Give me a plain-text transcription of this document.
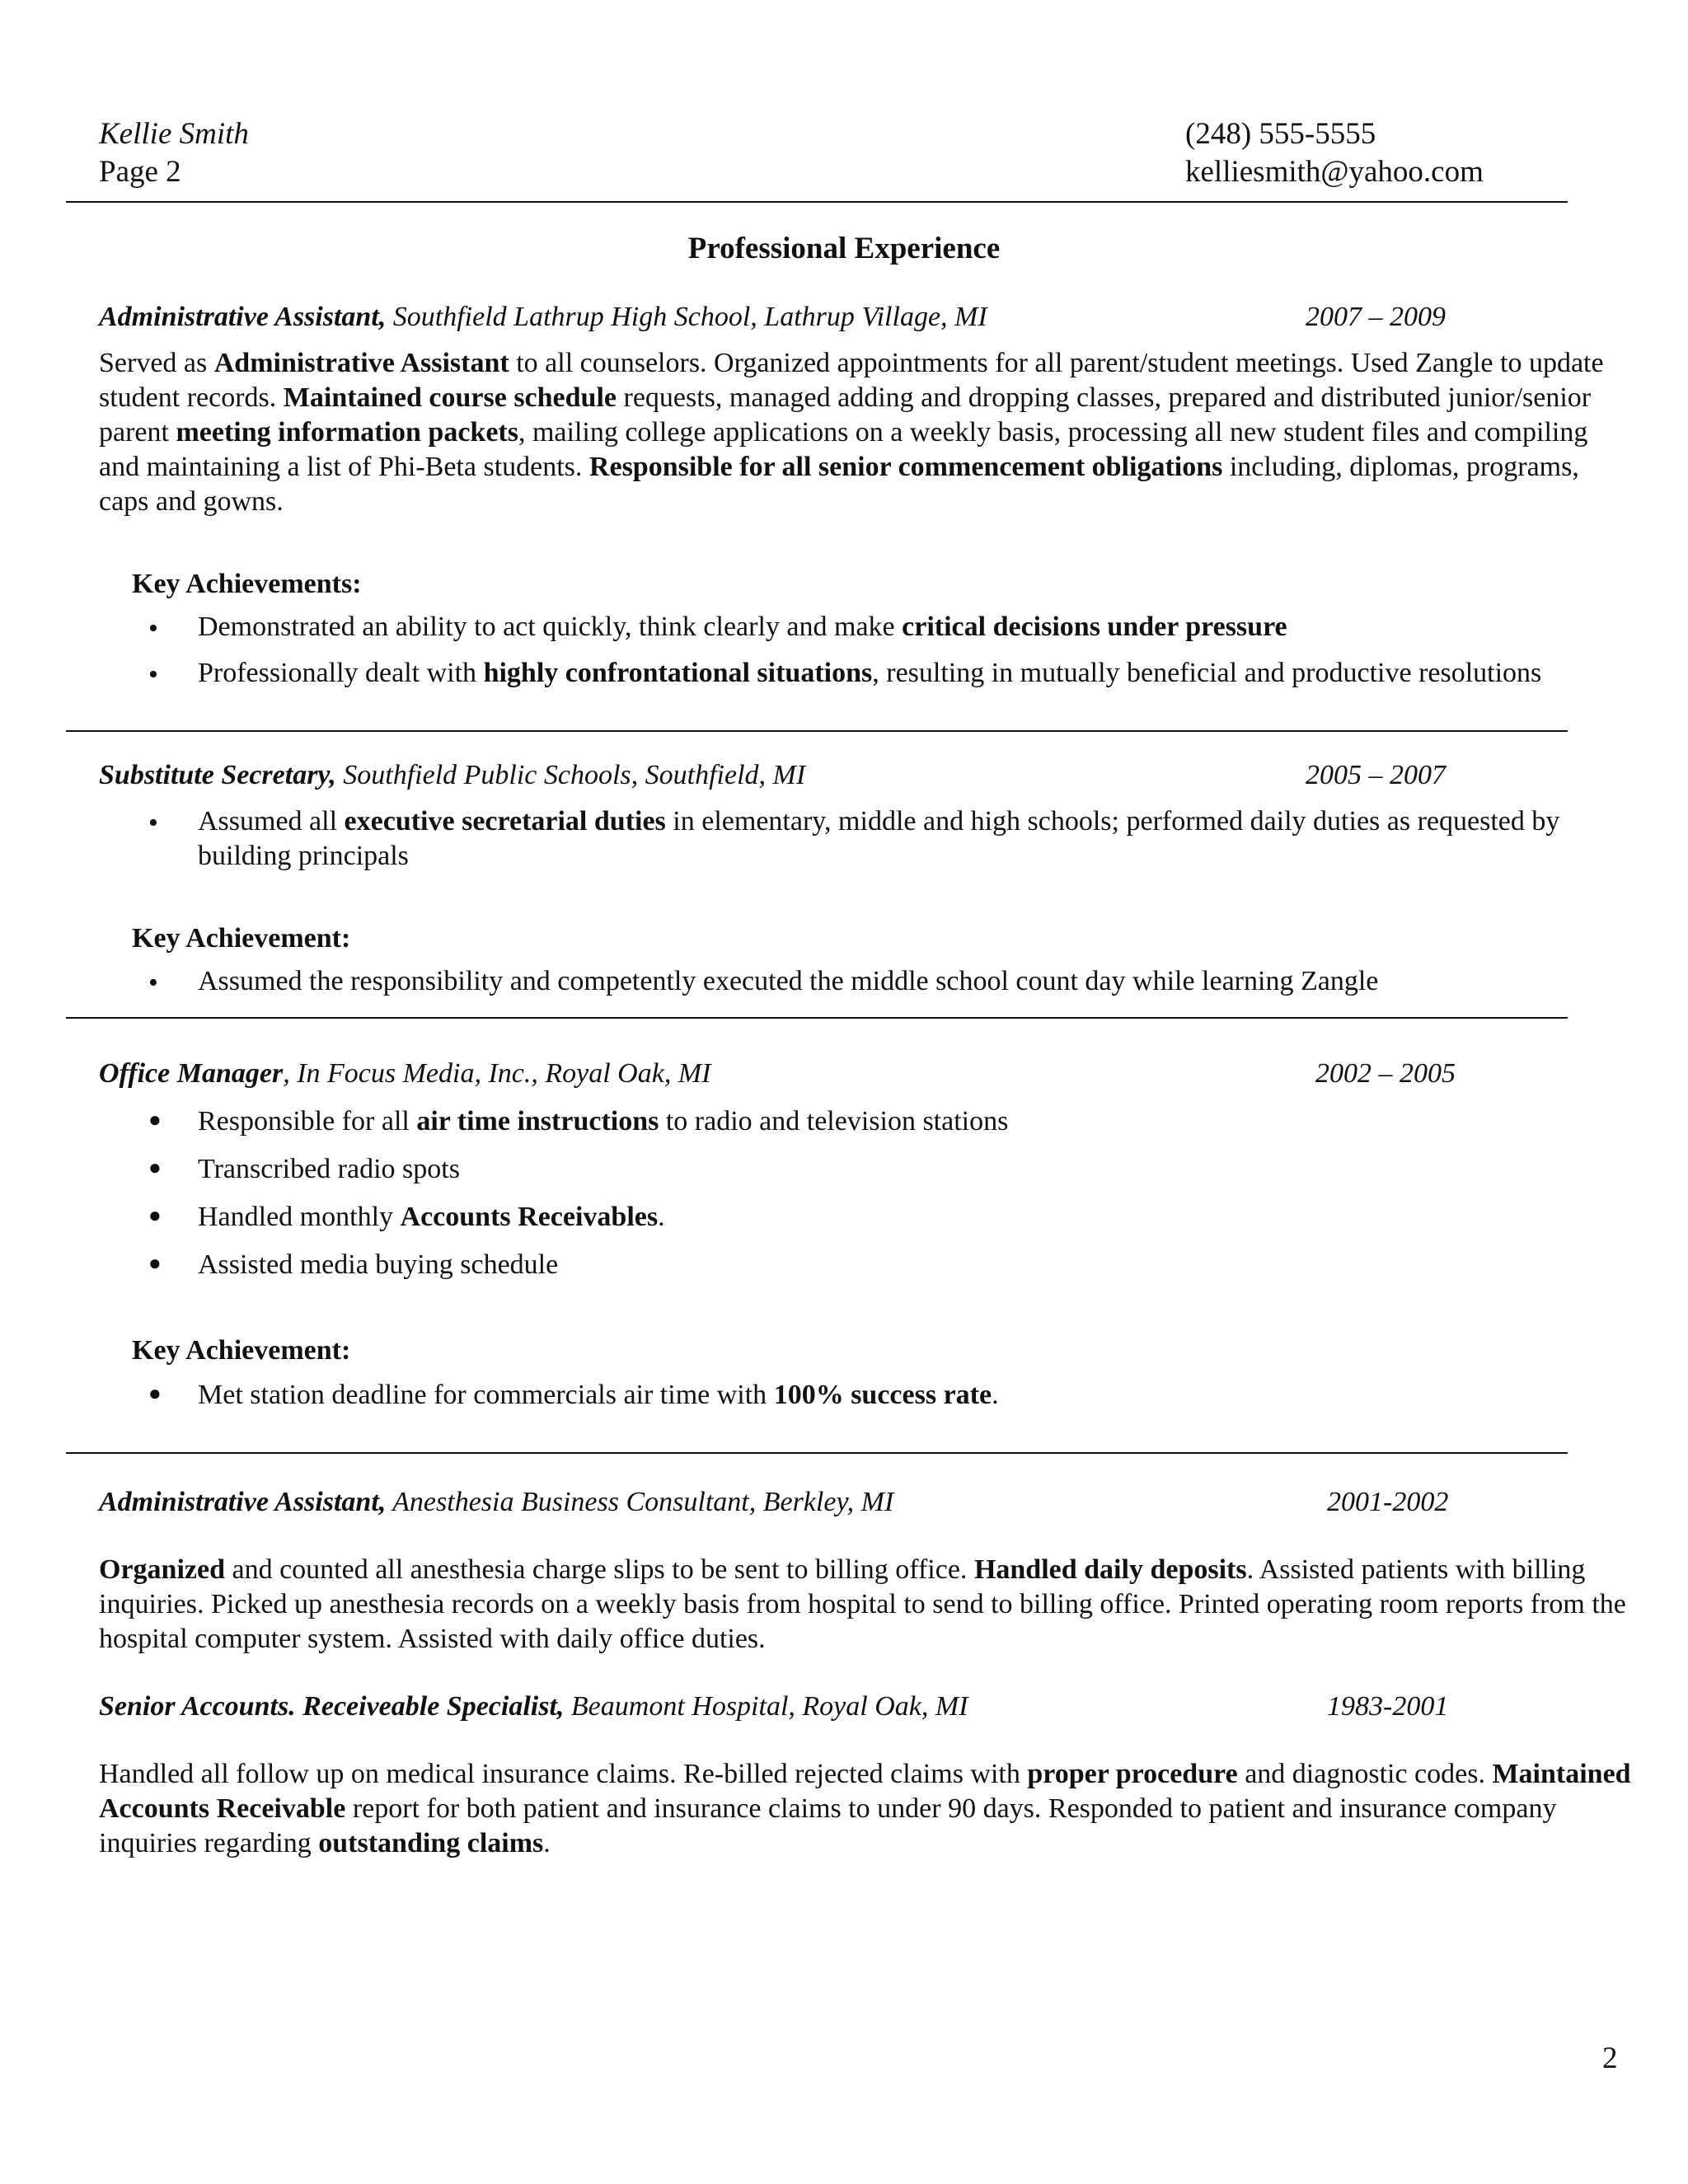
Kellie Smith
Page 2
(248) 555-5555
kelliesmith@yahoo.com
Professional Experience
Administrative Assistant, Southfield Lathrup High School, Lathrup Village, MI	2007 – 2009
Served as Administrative Assistant to all counselors. Organized appointments for all parent/student meetings. Used Zangle to update student records. Maintained course schedule requests, managed adding and dropping classes, prepared and distributed junior/senior parent meeting information packets, mailing college applications on a weekly basis, processing all new student files and compiling and maintaining a list of Phi-Beta students. Responsible for all senior commencement obligations including, diplomas, programs, caps and gowns.
Key Achievements:
• Demonstrated an ability to act quickly, think clearly and make critical decisions under pressure
• Professionally dealt with highly confrontational situations, resulting in mutually beneficial and productive resolutions
Substitute Secretary, Southfield Public Schools, Southfield, MI	2005 – 2007
• Assumed all executive secretarial duties in elementary, middle and high schools; performed daily duties as requested by building principals
Key Achievement:
• Assumed the responsibility and competently executed the middle school count day while learning Zangle
Office Manager, In Focus Media, Inc., Royal Oak, MI	2002 – 2005
● Responsible for all air time instructions to radio and television stations
● Transcribed radio spots
● Handled monthly Accounts Receivables.
● Assisted media buying schedule
Key Achievement:
● Met station deadline for commercials air time with 100% success rate.
Administrative Assistant, Anesthesia Business Consultant, Berkley, MI	2001-2002
Organized and counted all anesthesia charge slips to be sent to billing office. Handled daily deposits. Assisted patients with billing inquiries. Picked up anesthesia records on a weekly basis from hospital to send to billing office. Printed operating room reports from the hospital computer system. Assisted with daily office duties.
Senior Accounts. Receiveable Specialist, Beaumont Hospital, Royal Oak, MI	1983-2001
Handled all follow up on medical insurance claims. Re-billed rejected claims with proper procedure and diagnostic codes. Maintained Accounts Receivable report for both patient and insurance claims to under 90 days. Responded to patient and insurance company inquiries regarding outstanding claims.
2
